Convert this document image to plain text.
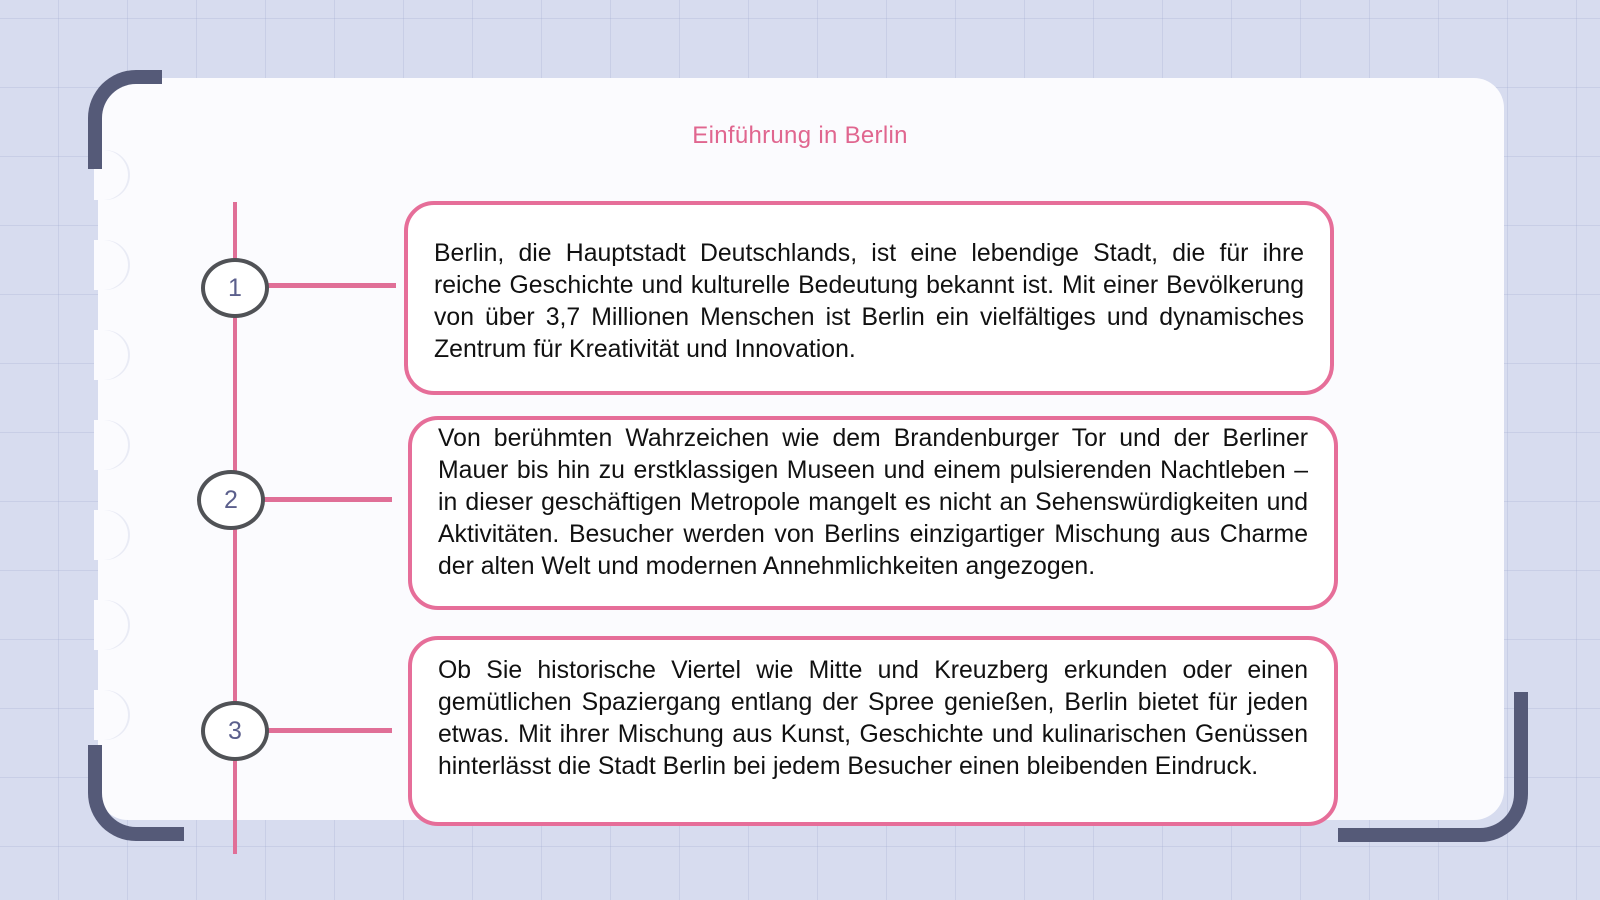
Einführung in Berlin
1
2
3

Berlin, die Hauptstadt Deutschlands, ist eine lebendige Stadt, die für ihre reiche Geschichte und kulturelle Bedeutung bekannt ist. Mit einer Bevölkerung von über 3,7 Millionen Menschen ist Berlin ein vielfältiges und dynamisches Zentrum für Kreativität und Innovation.

Von berühmten Wahrzeichen wie dem Brandenburger Tor und der Berliner Mauer bis hin zu erstklassigen Museen und einem pulsierenden Nachtleben – in dieser geschäftigen Metropole mangelt es nicht an Sehenswürdigkeiten und Aktivitäten. Besucher werden von Berlins einzigartiger Mischung aus Charme der alten Welt und modernen Annehmlichkeiten angezogen.

Ob Sie historische Viertel wie Mitte und Kreuzberg erkunden oder einen gemütlichen Spaziergang entlang der Spree genießen, Berlin bietet für jeden etwas. Mit ihrer Mischung aus Kunst, Geschichte und kulinarischen Genüssen hinterlässt die Stadt Berlin bei jedem Besucher einen bleibenden Eindruck.
